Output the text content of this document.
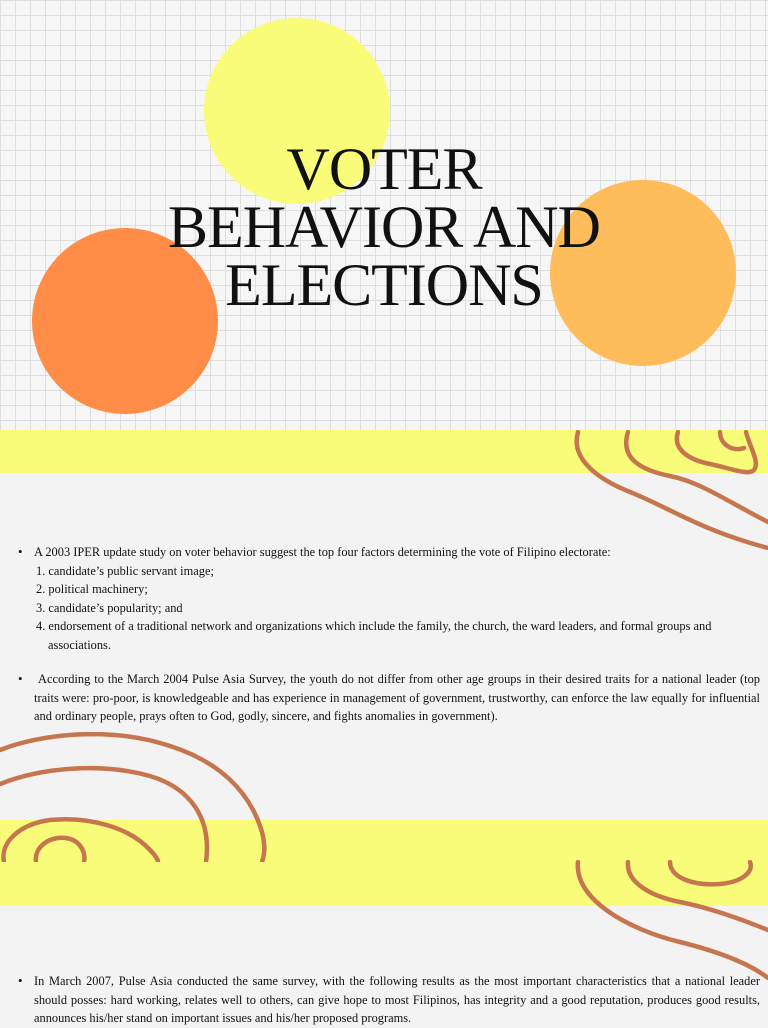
VOTER
BEHAVIOR AND
ELECTIONS
• A 2003 IPER update study on voter behavior suggest the top four factors determining the vote of Filipino electorate:
1. candidate’s public servant image;
2. political machinery;
3. candidate’s popularity; and
4. endorsement of a traditional network and organizations which include the family, the church, the ward leaders, and formal groups and associations.
• According to the March 2004 Pulse Asia Survey, the youth do not differ from other age groups in their desired traits for a national leader (top traits were: pro-poor, is knowledgeable and has experience in management of government, trustworthy, can enforce the law equally for influential and ordinary people, prays often to God, godly, sincere, and fights anomalies in government).
• In March 2007, Pulse Asia conducted the same survey, with the following results as the most important characteristics that a national leader should posses: hard working, relates well to others, can give hope to most Filipinos, has integrity and a good reputation, produces good results, announces his/her stand on important issues and his/her proposed programs.
